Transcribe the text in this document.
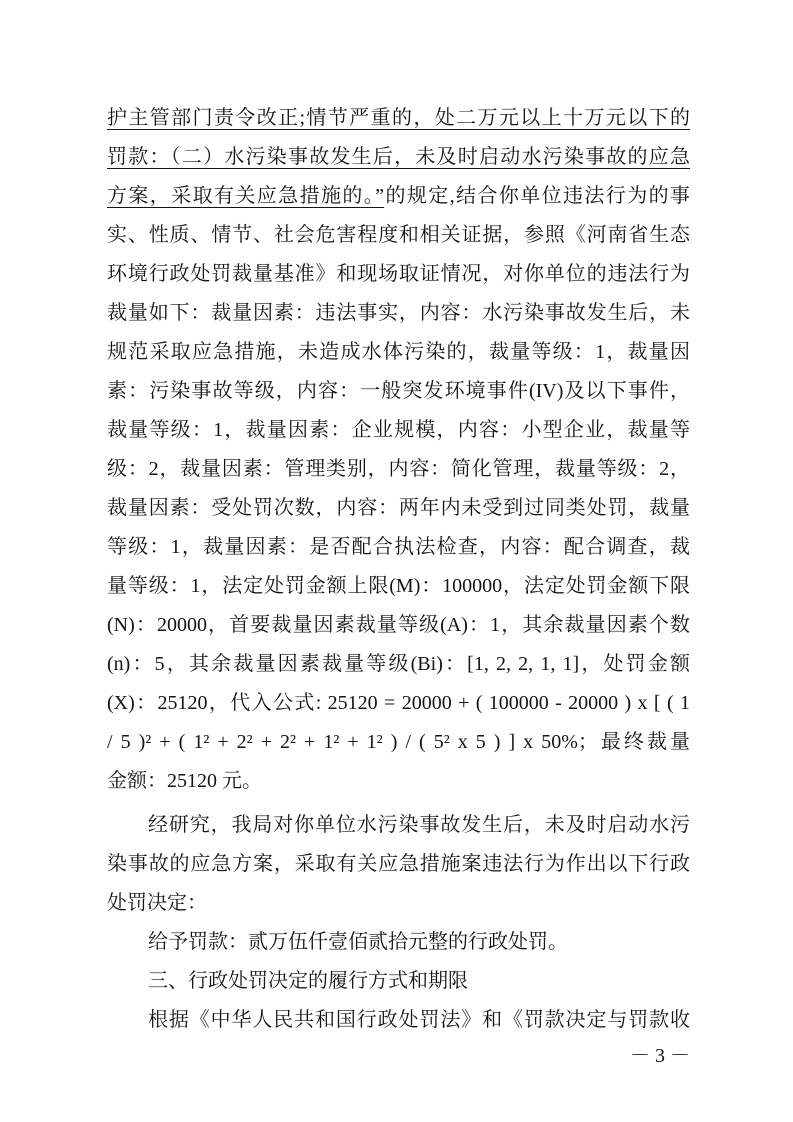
护主管部门责令改正;情节严重的，处二万元以上十万元以下的
罚款：（二）水污染事故发生后，未及时启动水污染事故的应急
方案，采取有关应急措施的。”的规定,结合你单位违法行为的事
实、性质、情节、社会危害程度和相关证据，参照《河南省生态
环境行政处罚裁量基准》和现场取证情况，对你单位的违法行为
裁量如下：裁量因素：违法事实，内容：水污染事故发生后，未
规范采取应急措施，未造成水体污染的，裁量等级：1，裁量因
素：污染事故等级，内容：一般突发环境事件(IV)及以下事件，
裁量等级：1，裁量因素：企业规模，内容：小型企业，裁量等
级：2，裁量因素：管理类别，内容：简化管理，裁量等级：2，
裁量因素：受处罚次数，内容：两年内未受到过同类处罚，裁量
等级：1，裁量因素：是否配合执法检查，内容：配合调查，裁
量等级：1，法定处罚金额上限(M)：100000，法定处罚金额下限
(N)：20000，首要裁量因素裁量等级(A)：1，其余裁量因素个数
(n)：5，其余裁量因素裁量等级(Bi)：[1, 2, 2, 1, 1]，处罚金额
(X)：25120，代入公式: 25120 = 20000 + ( 100000 - 20000 ) x [ ( 1
/ 5 )² + ( 1² + 2² + 2² + 1² + 1² ) / ( 5² x 5 ) ] x 50%；最终裁量
金额：25120 元。
经研究，我局对你单位水污染事故发生后，未及时启动水污
染事故的应急方案，采取有关应急措施案违法行为作出以下行政
处罚决定：
给予罚款：贰万伍仟壹佰贰拾元整的行政处罚。
三、行政处罚决定的履行方式和期限
根据《中华人民共和国行政处罚法》和《罚款决定与罚款收
－ 3 －
